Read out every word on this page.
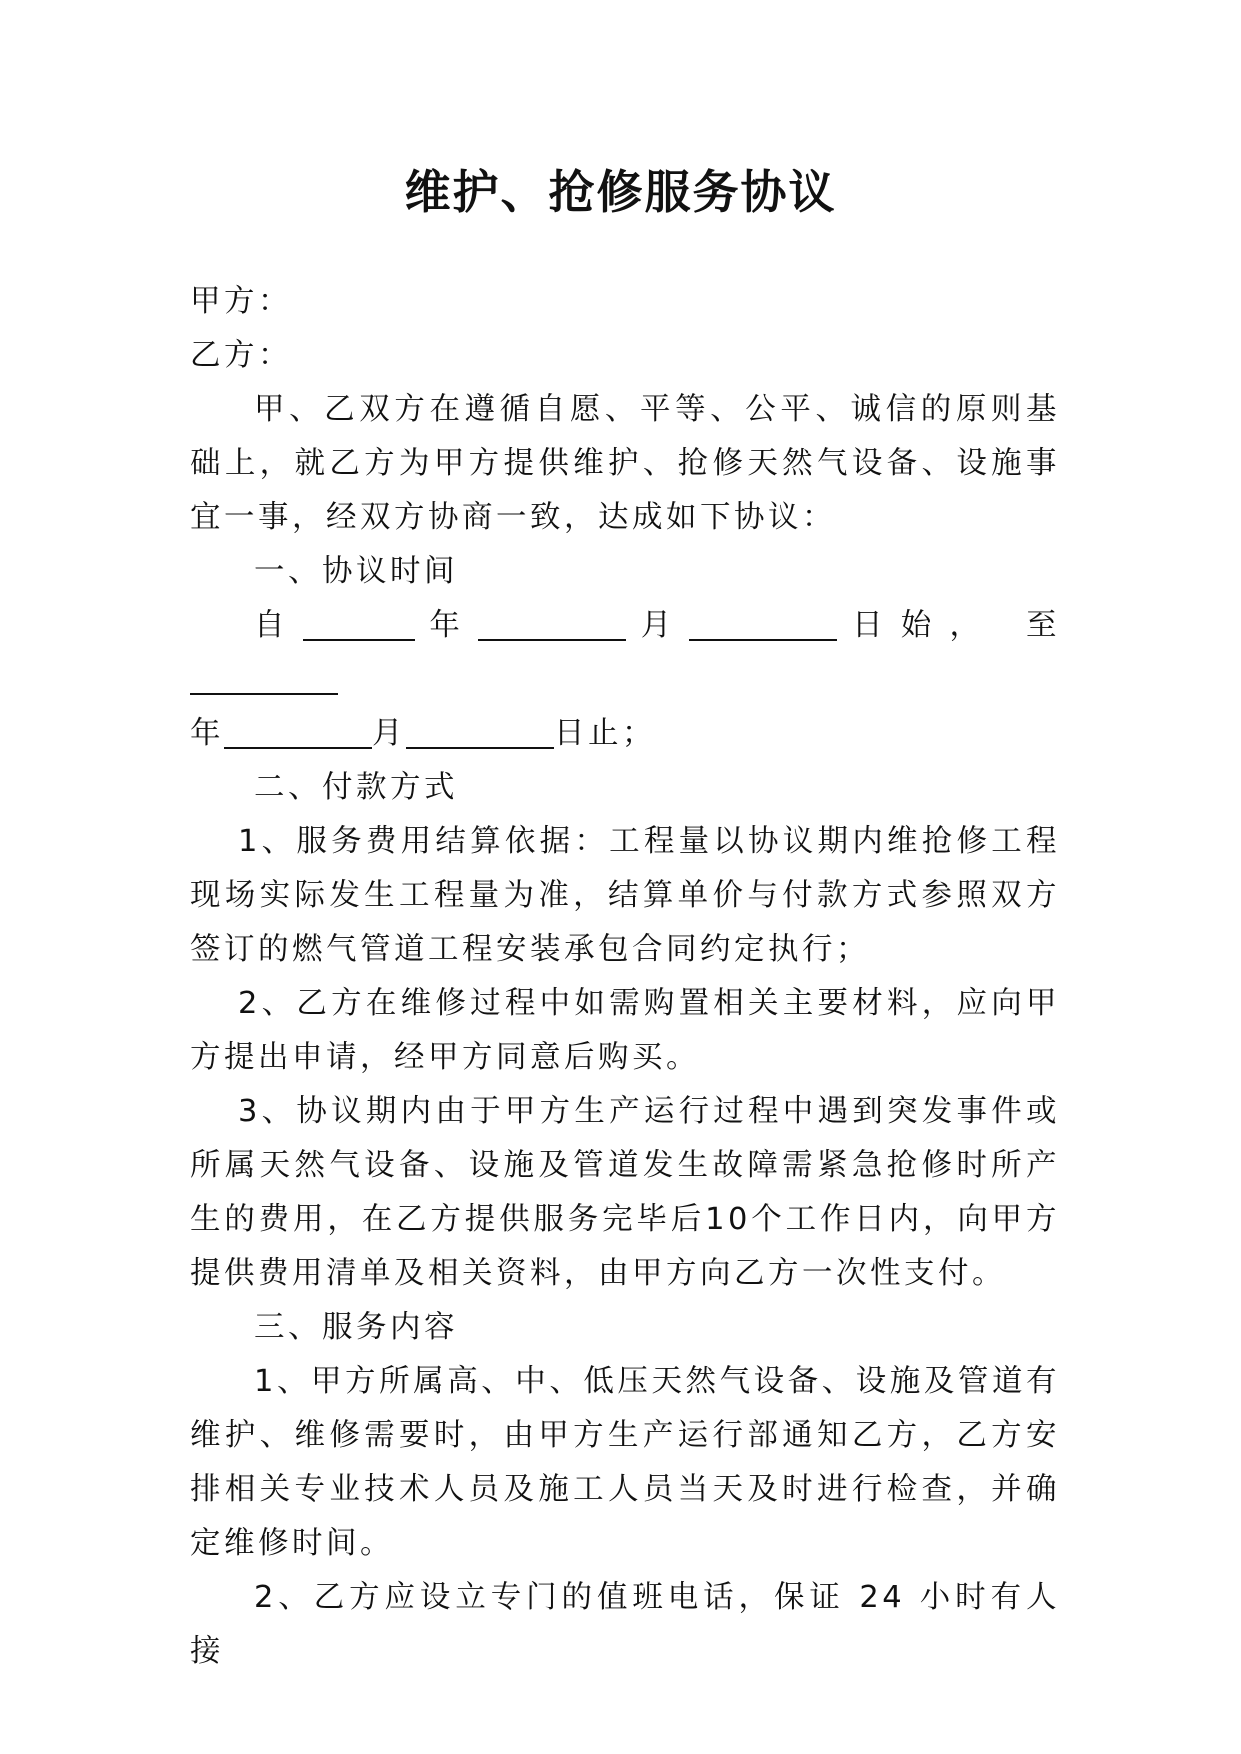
维护、抢修服务协议

甲方：

乙方：

甲、乙双方在遵循自愿、平等、公平、诚信的原则基础上，就乙方为甲方提供维护、抢修天然气设备、设施事宜一事，经双方协商一致，达成如下协议：

一、协议时间

自	年	月	日始， 至

年	月	日止；

二、付款方式

1、服务费用结算依据：工程量以协议期内维抢修工程现场实际发生工程量为准，结算单价与付款方式参照双方签订的燃气管道工程安装承包合同约定执行；

2、乙方在维修过程中如需购置相关主要材料，应向甲方提出申请，经甲方同意后购买。

3、协议期内由于甲方生产运行过程中遇到突发事件或所属天然气设备、设施及管道发生故障需紧急抢修时所产生的费用，在乙方提供服务完毕后10个工作日内，向甲方提供费用清单及相关资料，由甲方向乙方一次性支付。

三、服务内容

1、甲方所属高、中、低压天然气设备、设施及管道有维护、维修需要时，由甲方生产运行部通知乙方，乙方安排相关专业技术人员及施工人员当天及时进行检查，并确定维修时间。

2、乙方应设立专门的值班电话，保证 24 小时有人接
